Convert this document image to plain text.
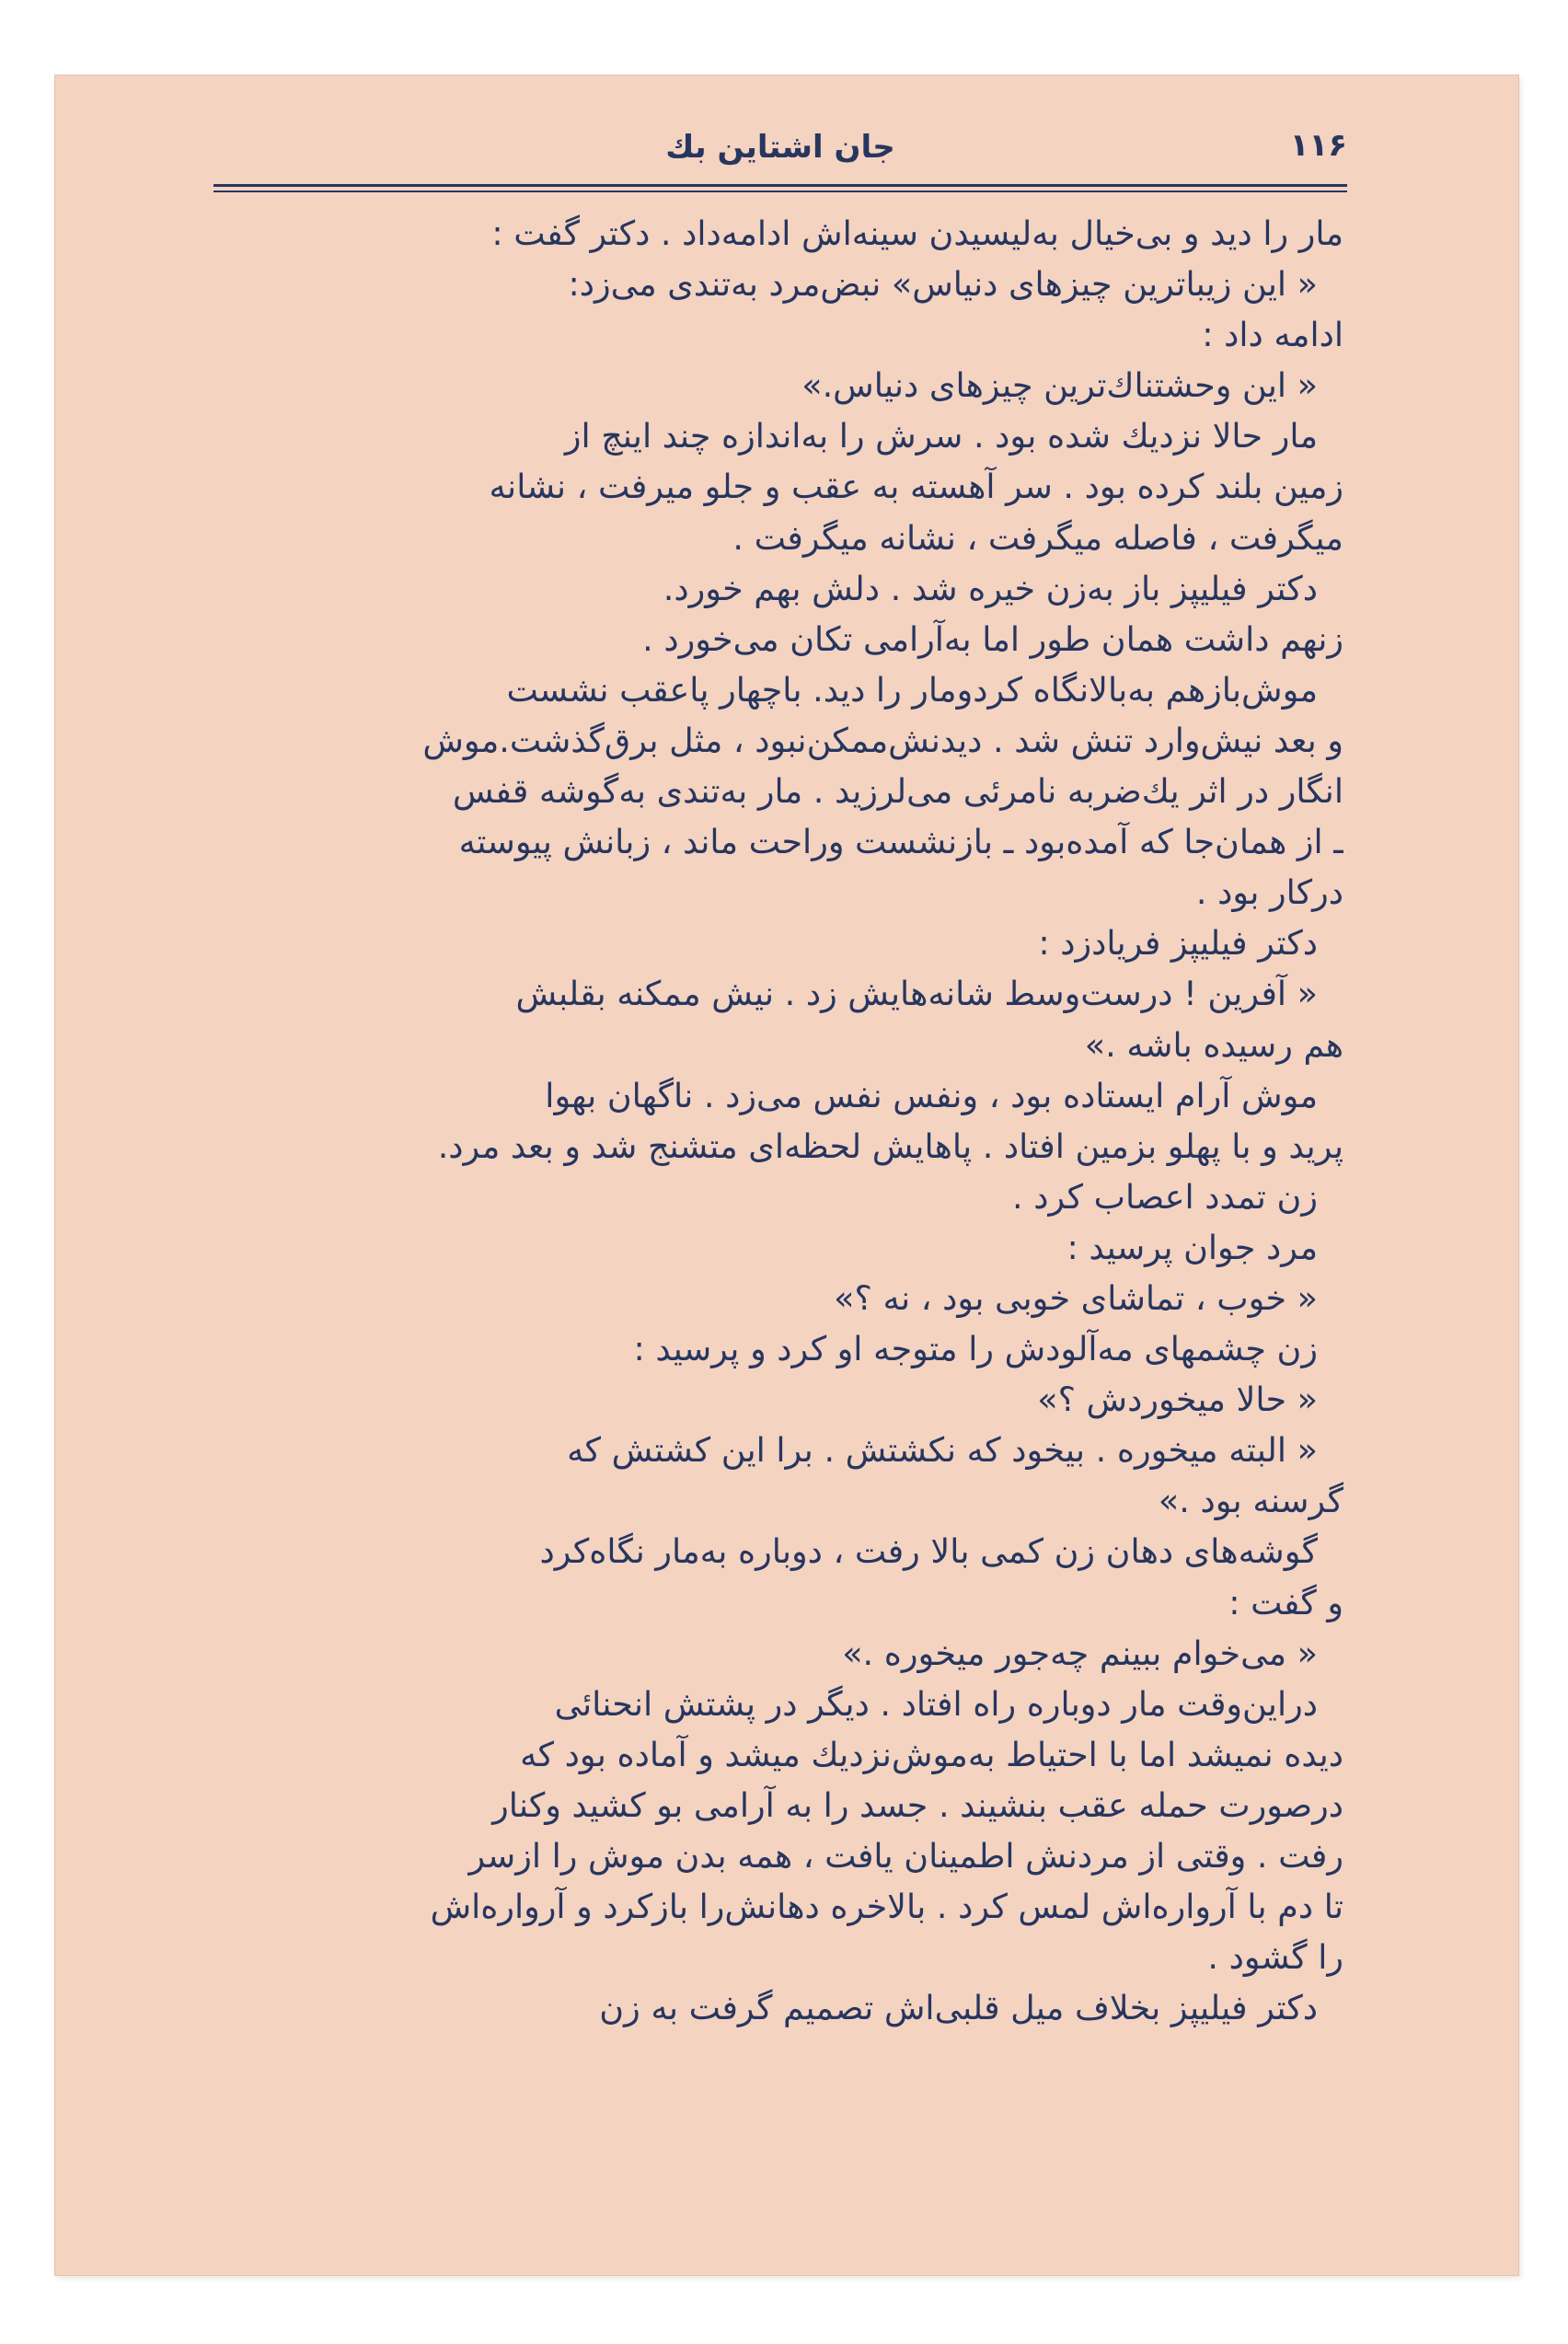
۱۱۶
جان اشتاین بك
مار را دید و بی‌خیال به‌لیسیدن سینه‌اش ادامه‌داد . دکتر گفت :
« این زیباترین چیزهای دنیاس» نبض‌مرد به‌تندی می‌زد:
ادامه داد :
« این وحشتناك‌ترین چیزهای دنیاس.»
مار حالا نزدیك شده بود . سرش را به‌اندازه چند اینچ از
زمین بلند کرده بود . سر آهسته به عقب و جلو میرفت ، نشانه
میگرفت ، فاصله میگرفت ، نشانه میگرفت .
دکتر فیلیپز باز به‌زن خیره شد . دلش بهم خورد.
زنهم داشت همان طور اما به‌آرامی تکان می‌خورد .
موش‌بازهم به‌بالانگاه کردومار را دید. باچهار پاعقب نشست
و بعد نیش‌وارد تنش شد . دیدنش‌ممکن‌نبود ، مثل برق‌گذشت.موش
انگار در اثر یك‌ضربه نامرئی می‌لرزید . مار به‌تندی به‌گوشه قفس
ـ از همان‌جا که آمده‌بود ـ بازنشست وراحت ماند ، زبانش پیوسته
درکار بود .
دکتر فیلیپز فریادزد :
« آفرین ! درست‌وسط شانه‌هایش زد . نیش ممکنه بقلبش
هم رسیده باشه .»
موش آرام ایستاده بود ، ونفس نفس می‌زد . ناگهان بهوا
پرید و با پهلو بزمین افتاد . پاهایش لحظه‌ای متشنج شد و بعد مرد.
زن تمدد اعصاب کرد .
مرد جوان پرسید :
« خوب ، تماشای خوبی بود ، نه ؟»
زن چشمهای مه‌آلودش را متوجه او کرد و پرسید :
« حالا میخوردش ؟»
« البته میخوره . بیخود که نکشتش . برا این کشتش که
گرسنه بود .»
گوشه‌های دهان زن کمی بالا رفت ، دوباره به‌مار نگاه‌کرد
و گفت :
« می‌خوام ببینم چه‌جور میخوره .»
دراین‌وقت مار دوباره راه افتاد . دیگر در پشتش انحنائی
دیده نمیشد اما با احتیاط به‌موش‌نزدیك میشد و آماده بود که
درصورت حمله عقب بنشیند . جسد را به آرامی بو کشید وکنار
رفت . وقتی از مردنش اطمینان یافت ، همه بدن موش را ازسر
تا دم با آرواره‌اش لمس کرد . بالاخره دهانش‌را بازکرد و آرواره‌اش
را گشود .
دکتر فیلیپز بخلاف میل قلبی‌اش تصمیم گرفت به زن
